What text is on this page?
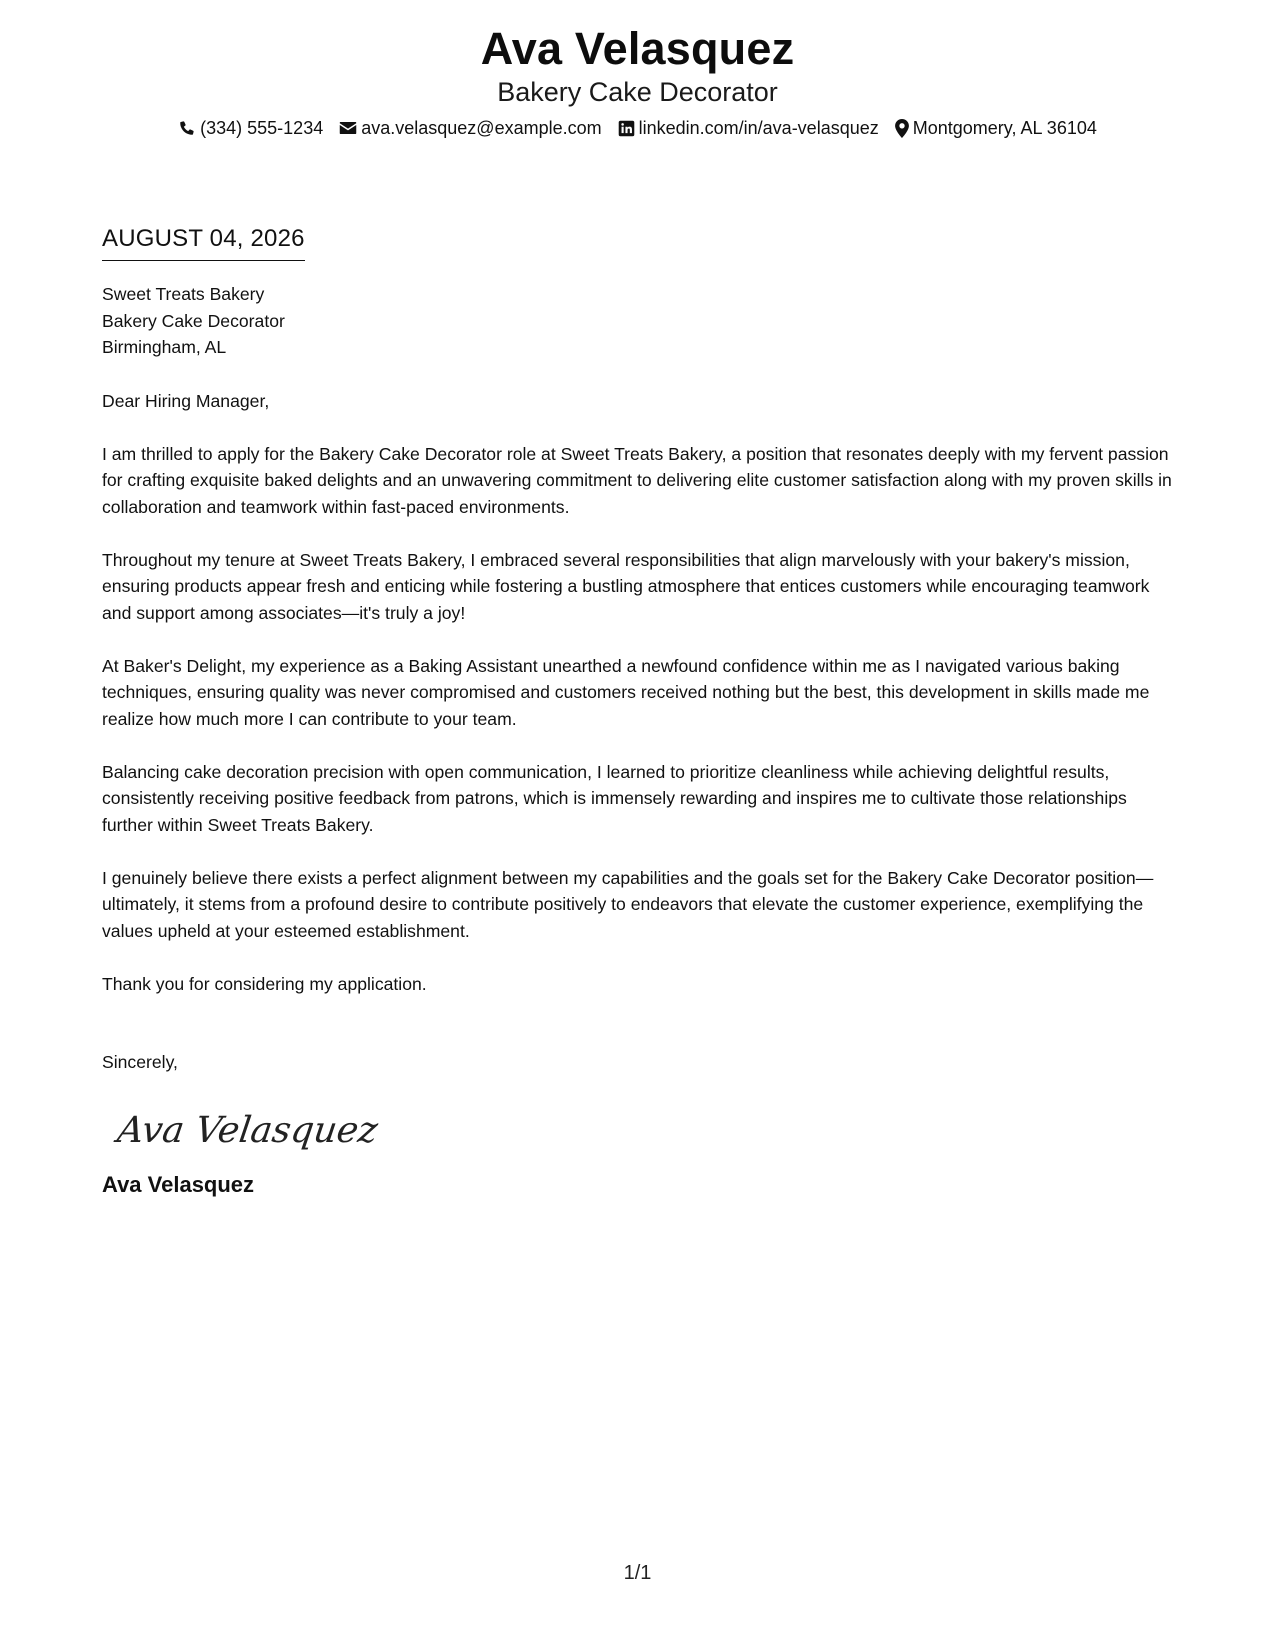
Ava Velasquez
Bakery Cake Decorator
(334) 555-1234 ava.velasquez@example.com linkedin.com/in/ava-velasquez Montgomery, AL 36104
AUGUST 04, 2026
Sweet Treats Bakery
Bakery Cake Decorator
Birmingham, AL
Dear Hiring Manager,
I am thrilled to apply for the Bakery Cake Decorator role at Sweet Treats Bakery, a position that resonates deeply with my fervent passion for crafting exquisite baked delights and an unwavering commitment to delivering elite customer satisfaction along with my proven skills in collaboration and teamwork within fast-paced environments.
Throughout my tenure at Sweet Treats Bakery, I embraced several responsibilities that align marvelously with your bakery's mission, ensuring products appear fresh and enticing while fostering a bustling atmosphere that entices customers while encouraging teamwork and support among associates—it's truly a joy!
At Baker's Delight, my experience as a Baking Assistant unearthed a newfound confidence within me as I navigated various baking techniques, ensuring quality was never compromised and customers received nothing but the best, this development in skills made me realize how much more I can contribute to your team.
Balancing cake decoration precision with open communication, I learned to prioritize cleanliness while achieving delightful results, consistently receiving positive feedback from patrons, which is immensely rewarding and inspires me to cultivate those relationships further within Sweet Treats Bakery.
I genuinely believe there exists a perfect alignment between my capabilities and the goals set for the Bakery Cake Decorator position—ultimately, it stems from a profound desire to contribute positively to endeavors that elevate the customer experience, exemplifying the values upheld at your esteemed establishment.
Thank you for considering my application.
Sincerely,
Ava Velasquez
Ava Velasquez
1/1
